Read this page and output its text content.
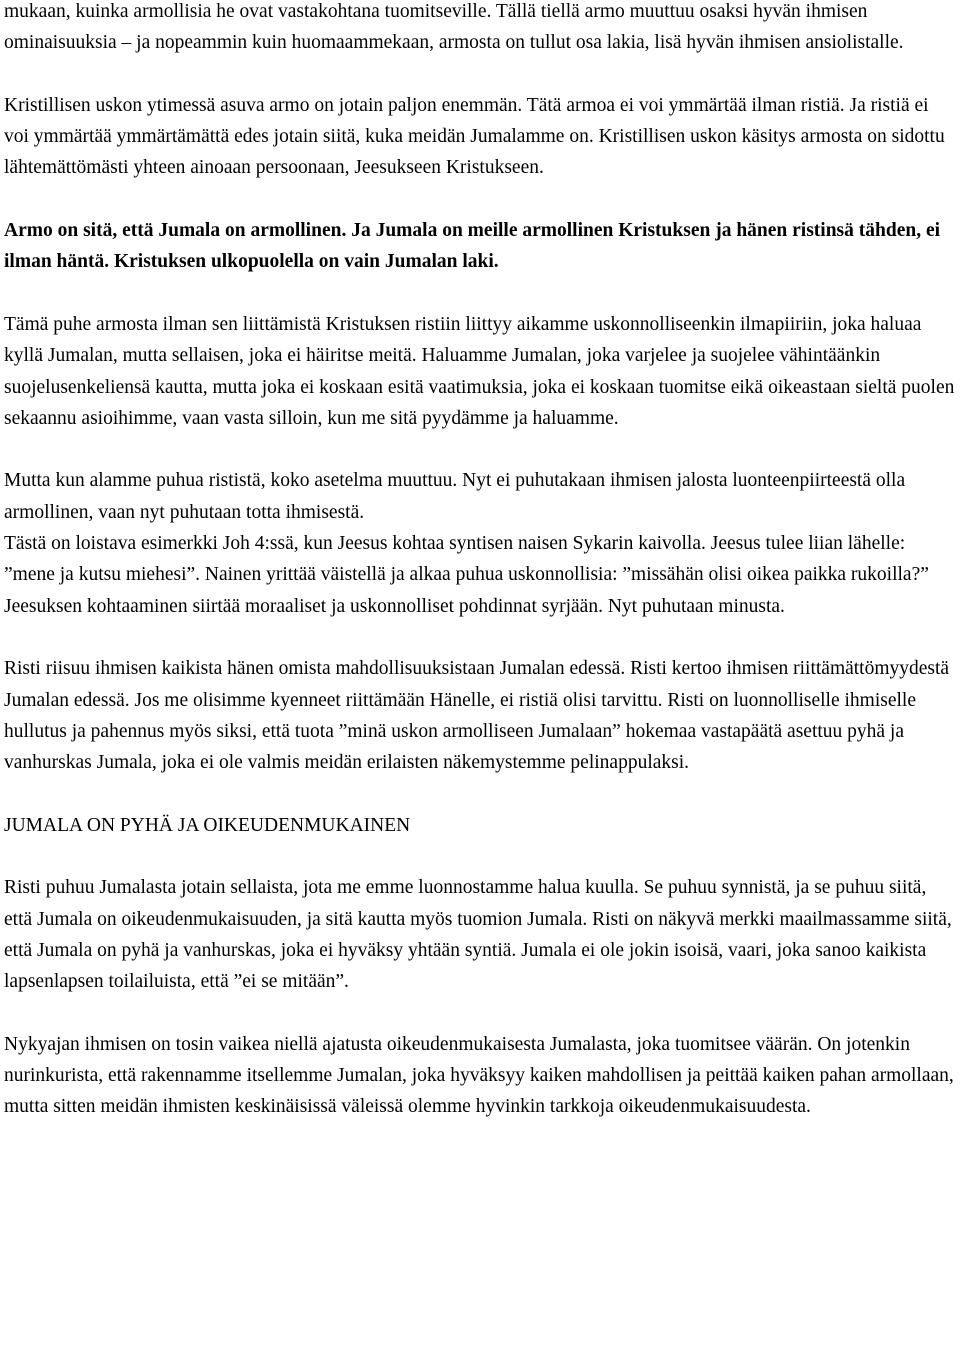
mukaan, kuinka armollisia he ovat vastakohtana tuomitseville. Tällä tiellä armo muuttuu osaksi hyvän ihmisen ominaisuuksia – ja nopeammin kuin huomaammekaan, armosta on tullut osa lakia, lisä hyvän ihmisen ansiolistalle.

Kristillisen uskon ytimessä asuva armo on jotain paljon enemmän. Tätä armoa ei voi ymmärtää ilman ristiä. Ja ristiä ei voi ymmärtää ymmärtämättä edes jotain siitä, kuka meidän Jumalamme on. Kristillisen uskon käsitys armosta on sidottu lähtemättömästi yhteen ainoaan persoonaan, Jeesukseen Kristukseen.

Armo on sitä, että Jumala on armollinen. Ja Jumala on meille armollinen Kristuksen ja hänen ristinsä tähden, ei ilman häntä. Kristuksen ulkopuolella on vain Jumalan laki.

Tämä puhe armosta ilman sen liittämistä Kristuksen ristiin liittyy aikamme uskonnolliseenkin ilmapiiriin, joka haluaa kyllä Jumalan, mutta sellaisen, joka ei häiritse meitä. Haluamme Jumalan, joka varjelee ja suojelee vähintäänkin suojelusenkeliensä kautta, mutta joka ei koskaan esitä vaatimuksia, joka ei koskaan tuomitse eikä oikeastaan sieltä puolen sekaannu asioihimme, vaan vasta silloin, kun me sitä pyydämme ja haluamme.

Mutta kun alamme puhua rististä, koko asetelma muuttuu. Nyt ei puhutakaan ihmisen jalosta luonteenpiirteestä olla armollinen, vaan nyt puhutaan totta ihmisestä.

Tästä on loistava esimerkki Joh 4:ssä, kun Jeesus kohtaa syntisen naisen Sykarin kaivolla. Jeesus tulee liian lähelle: ”mene ja kutsu miehesi”. Nainen yrittää väistellä ja alkaa puhua uskonnollisia: ”missähän olisi oikea paikka rukoilla?” Jeesuksen kohtaaminen siirtää moraaliset ja uskonnolliset pohdinnat syrjään. Nyt puhutaan minusta.

Risti riisuu ihmisen kaikista hänen omista mahdollisuuksistaan Jumalan edessä. Risti kertoo ihmisen riittämättömyydestä Jumalan edessä. Jos me olisimme kyenneet riittämään Hänelle, ei ristiä olisi tarvittu. Risti on luonnolliselle ihmiselle hullutus ja pahennus myös siksi, että tuota ”minä uskon armolliseen Jumalaan” hokemaa vastapäätä asettuu pyhä ja vanhurskas Jumala, joka ei ole valmis meidän erilaisten näkemystemme pelinappulaksi.

JUMALA ON PYHÄ JA OIKEUDENMUKAINEN

Risti puhuu Jumalasta jotain sellaista, jota me emme luonnostamme halua kuulla. Se puhuu synnistä, ja se puhuu siitä, että Jumala on oikeudenmukaisuuden, ja sitä kautta myös tuomion Jumala. Risti on näkyvä merkki maailmassamme siitä, että Jumala on pyhä ja vanhurskas, joka ei hyväksy yhtään syntiä. Jumala ei ole jokin isoisä, vaari, joka sanoo kaikista lapsenlapsen toilailuista, että ”ei se mitään”.

Nykyajan ihmisen on tosin vaikea niellä ajatusta oikeudenmukaisesta Jumalasta, joka tuomitsee väärän. On jotenkin nurinkurista, että rakennamme itsellemme Jumalan, joka hyväksyy kaiken mahdollisen ja peittää kaiken pahan armollaan, mutta sitten meidän ihmisten keskinäisissä väleissä olemme hyvinkin tarkkoja oikeudenmukaisuudesta.
